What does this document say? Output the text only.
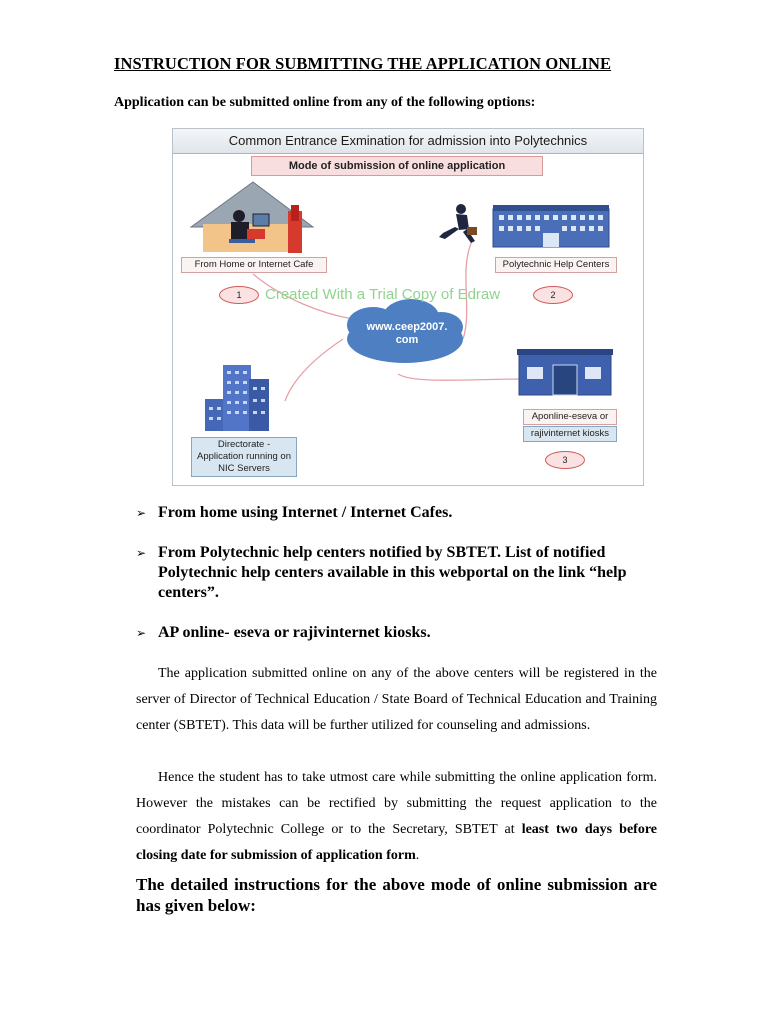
INSTRUCTION FOR SUBMITTING THE APPLICATION ONLINE
Application can be submitted online from any of the following options:
Common Entrance Exmination for admission into Polytechnics
Mode of submission of online application
From Home or Internet Cafe	Polytechnic Help Centers
1	Created With a Trial Copy of Edraw	2
www.ceep2007.
com
Directorate - Application running on NIC Servers
Aponline-eseva or
rajivinternet kiosks
3
➢ From home using Internet / Internet Cafes.
➢ From Polytechnic help centers notified by SBTET. List of notified Polytechnic help centers available in this webportal on the link “help centers”.
➢ AP online- eseva or rajivinternet kiosks.
The application submitted online on any of the above centers will be registered in the server of Director of Technical Education / State Board of Technical Education and Training center (SBTET). This data will be further utilized for counseling and admissions.
Hence the student has to take utmost care while submitting the online application form. However the mistakes can be rectified by submitting the request application to the coordinator Polytechnic College or to the Secretary, SBTET at least two days before closing date for submission of application form.
The detailed instructions for the above mode of online submission are has given below:
